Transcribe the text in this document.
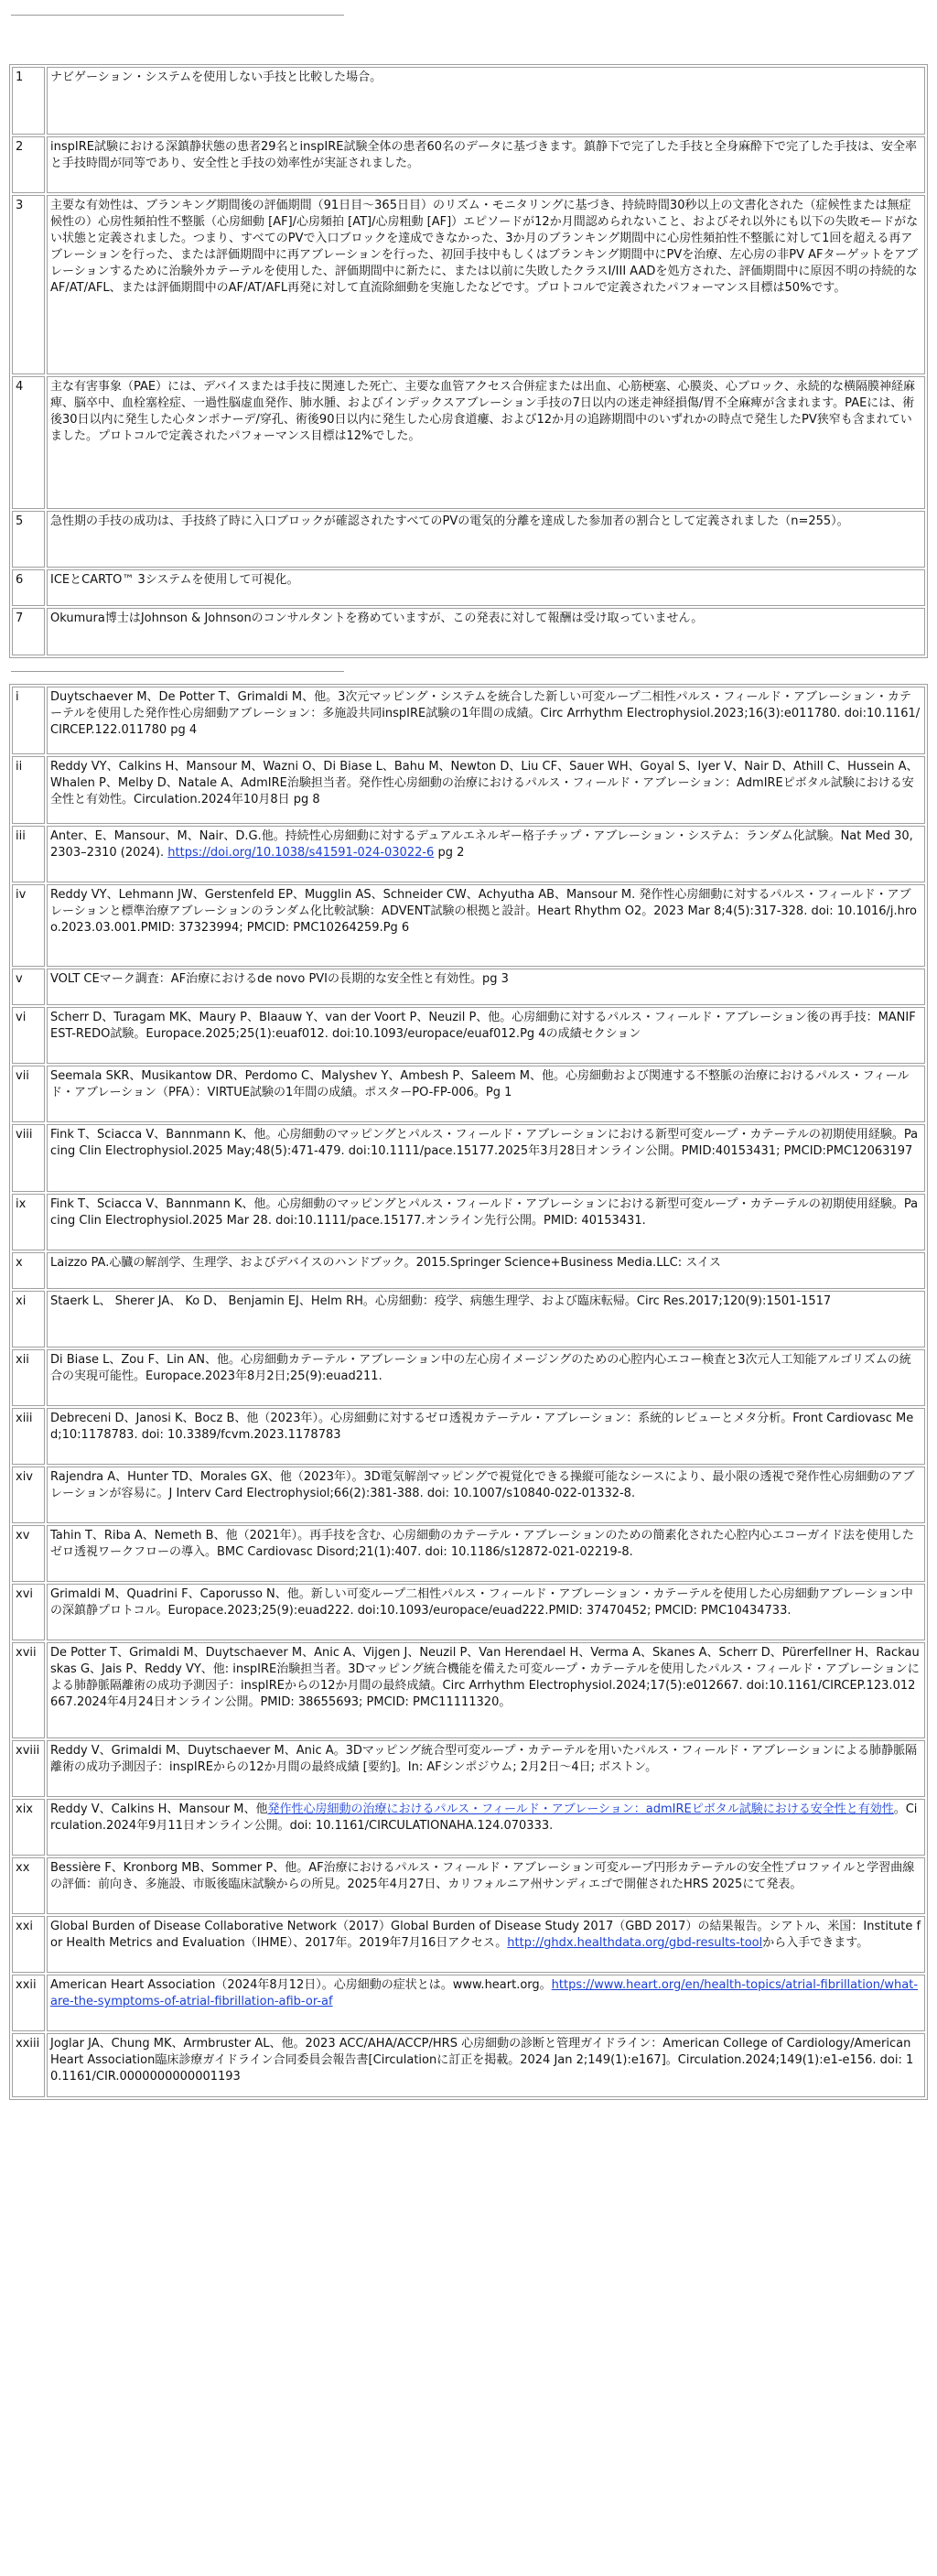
1	ナビゲーション・システムを使用しない手技と比較した場合。
2	inspIRE試験における深鎮静状態の患者29名とinspIRE試験全体の患者60名のデータに基づきます。鎮静下で完了した手技と全身麻酔下で完了した手技は、安全率と手技時間が同等であり、安全性と手技の効率性が実証されました。
3	主要な有効性は、ブランキング期間後の評価期間（91日目〜365日目）のリズム・モニタリングに基づき、持続時間30秒以上の文書化された（症候性または無症候性の）心房性頻拍性不整脈（心房細動 [AF]/心房頻拍 [AT]/心房粗動 [AF]）エピソードが12か月間認められないこと、およびそれ以外にも以下の失敗モードがない状態と定義されました。つまり、すべてのPVで入口ブロックを達成できなかった、3か月のブランキング期間中に心房性頻拍性不整脈に対して1回を超える再アブレーションを行った、または評価期間中に再アブレーションを行った、初回手技中もしくはブランキング期間中にPVを治療、左心房の非PV AFターゲットをアブレーションするために治験外カテーテルを使用した、評価期間中に新たに、または以前に失敗したクラスI/III AADを処方された、評価期間中に原因不明の持続的なAF/AT/AFL、または評価期間中のAF/AT/AFL再発に対して直流除細動を実施したなどです。プロトコルで定義されたパフォーマンス目標は50%です。
4	主な有害事象（PAE）には、デバイスまたは手技に関連した死亡、主要な血管アクセス合併症または出血、心筋梗塞、心膜炎、心ブロック、永続的な横隔膜神経麻痺、脳卒中、血栓塞栓症、一過性脳虚血発作、肺水腫、およびインデックスアブレーション手技の7日以内の迷走神経損傷/胃不全麻痺が含まれます。PAEには、術後30日以内に発生した心タンポナーデ/穿孔、術後90日以内に発生した心房食道瘻、および12か月の追跡期間中のいずれかの時点で発生したPV狭窄も含まれていました。プロトコルで定義されたパフォーマンス目標は12%でした。
5	急性期の手技の成功は、手技終了時に入口ブロックが確認されたすべてのPVの電気的分離を達成した参加者の割合として定義されました（n=255）。
6	ICEとCARTO™ 3システムを使用して可視化。
7	Okumura博士はJohnson & Johnsonのコンサルタントを務めていますが、この発表に対して報酬は受け取っていません。
i	Duytschaever M、De Potter T、Grimaldi M、他。3次元マッピング・システムを統合した新しい可変ループ二相性パルス・フィールド・アブレーション・カテーテルを使用した発作性心房細動アブレーション：多施設共同inspIRE試験の1年間の成績。Circ Arrhythm Electrophysiol.2023;16(3):e011780. doi:10.1161/CIRCEP.122.011780 pg 4
ii	Reddy VY、Calkins H、Mansour M、Wazni O、Di Biase L、Bahu M、Newton D、Liu CF、Sauer WH、Goyal S、Iyer V、Nair D、Athill C、Hussein A、Whalen P、Melby D、Natale A、AdmIRE治験担当者。発作性心房細動の治療におけるパルス・フィールド・アブレーション：AdmIREピボタル試験における安全性と有効性。Circulation.2024年10月8日 pg 8
iii	Anter、E、Mansour、M、Nair、D.G.他。持続性心房細動に対するデュアルエネルギー格子チップ・アブレーション・システム：ランダム化試験。Nat Med 30, 2303–2310 (2024). https://doi.org/10.1038/s41591-024-03022-6 pg 2
iv	Reddy VY、Lehmann JW、Gerstenfeld EP、Mugglin AS、Schneider CW、Achyutha AB、Mansour M. 発作性心房細動に対するパルス・フィールド・アブレーションと標準治療アブレーションのランダム化比較試験：ADVENT試験の根拠と設計。Heart Rhythm O2。2023 Mar 8;4(5):317-328. doi: 10.1016/j.hroo.2023.03.001.PMID: 37323994; PMCID: PMC10264259.Pg 6
v	VOLT CEマーク調査：AF治療におけるde novo PVIの長期的な安全性と有効性。pg 3
vi	Scherr D、Turagam MK、Maury P、Blaauw Y、van der Voort P、Neuzil P、他。心房細動に対するパルス・フィールド・アブレーション後の再手技：MANIFEST-REDO試験。Europace.2025;25(1):euaf012. doi:10.1093/europace/euaf012.Pg 4の成績セクション
vii	Seemala SKR、Musikantow DR、Perdomo C、Malyshev Y、Ambesh P、Saleem M、他。心房細動および関連する不整脈の治療におけるパルス・フィールド・アブレーション（PFA）：VIRTUE試験の1年間の成績。ポスターPO-FP-006。Pg 1
viii	Fink T、Sciacca V、Bannmann K、他。心房細動のマッピングとパルス・フィールド・アブレーションにおける新型可変ループ・カテーテルの初期使用経験。Pacing Clin Electrophysiol.2025 May;48(5):471-479. doi:10.1111/pace.15177.2025年3月28日オンライン公開。PMID:40153431; PMCID:PMC12063197
ix	Fink T、Sciacca V、Bannmann K、他。心房細動のマッピングとパルス・フィールド・アブレーションにおける新型可変ループ・カテーテルの初期使用経験。Pacing Clin Electrophysiol.2025 Mar 28. doi:10.1111/pace.15177.オンライン先行公開。PMID: 40153431.
x	Laizzo PA.心臓の解剖学、生理学、およびデバイスのハンドブック。2015.Springer Science+Business Media.LLC: スイス
xi	Staerk L、 Sherer JA、 Ko D、 Benjamin EJ、Helm RH。心房細動：疫学、病態生理学、および臨床転帰。Circ Res.2017;120(9):1501-1517
xii	Di Biase L、Zou F、Lin AN、他。心房細動カテーテル・アブレーション中の左心房イメージングのための心腔内心エコー検査と3次元人工知能アルゴリズムの統合の実現可能性。Europace.2023年8月2日;25(9):euad211.
xiii	Debreceni D、Janosi K、Bocz B、他（2023年）。心房細動に対するゼロ透視カテーテル・アブレーション：系統的レビューとメタ分析。Front Cardiovasc Med;10:1178783. doi: 10.3389/fcvm.2023.1178783
xiv	Rajendra A、Hunter TD、Morales GX、他（2023年）。3D電気解剖マッピングで視覚化できる操縦可能なシースにより、最小限の透視で発作性心房細動のアブレーションが容易に。J Interv Card Electrophysiol;66(2):381-388. doi: 10.1007/s10840-022-01332-8.
xv	Tahin T、Riba A、Nemeth B、他（2021年）。再手技を含む、心房細動のカテーテル・アブレーションのための簡素化された心腔内心エコーガイド法を使用したゼロ透視ワークフローの導入。BMC Cardiovasc Disord;21(1):407. doi: 10.1186/s12872-021-02219-8.
xvi	Grimaldi M、Quadrini F、Caporusso N、他。新しい可変ループ二相性パルス・フィールド・アブレーション・カテーテルを使用した心房細動アブレーション中の深鎮静プロトコル。Europace.2023;25(9):euad222. doi:10.1093/europace/euad222.PMID: 37470452; PMCID: PMC10434733.
xvii	De Potter T、Grimaldi M、Duytschaever M、Anic A、Vijgen J、Neuzil P、Van Herendael H、Verma A、Skanes A、Scherr D、Pürerfellner H、Rackauskas G、Jais P、Reddy VY、他: inspIRE治験担当者。3Dマッピング統合機能を備えた可変ループ・カテーテルを使用したパルス・フィールド・アブレーションによる肺静脈隔離術の成功予測因子：inspIREからの12か月間の最終成績。Circ Arrhythm Electrophysiol.2024;17(5):e012667. doi:10.1161/CIRCEP.123.012667.2024年4月24日オンライン公開。PMID: 38655693; PMCID: PMC11111320。
xviii	Reddy V、Grimaldi M、Duytschaever M、Anic A。3Dマッピング統合型可変ループ・カテーテルを用いたパルス・フィールド・アブレーションによる肺静脈隔離術の成功予測因子：inspIREからの12か月間の最終成績 [要約]。In: AFシンポジウム; 2月2日〜4日; ボストン。
xix	Reddy V、Calkins H、Mansour M、他発作性心房細動の治療におけるパルス・フィールド・アブレーション：admIREピボタル試験における安全性と有効性。Circulation.2024年9月11日オンライン公開。doi: 10.1161/CIRCULATIONAHA.124.070333.
xx	Bessière F、Kronborg MB、Sommer P、他。AF治療におけるパルス・フィールド・アブレーション可変ループ円形カテーテルの安全性プロファイルと学習曲線の評価：前向き、多施設、市販後臨床試験からの所見。2025年4月27日、カリフォルニア州サンディエゴで開催されたHRS 2025にて発表。
xxi	Global Burden of Disease Collaborative Network（2017）Global Burden of Disease Study 2017（GBD 2017）の結果報告。シアトル、米国：Institute for Health Metrics and Evaluation（IHME）、2017年。2019年7月16日アクセス。http://ghdx.healthdata.org/gbd-results-toolから入手できます。
xxii	American Heart Association（2024年8月12日）。心房細動の症状とは。www.heart.org。https://www.heart.org/en/health-topics/atrial-fibrillation/what-are-the-symptoms-of-atrial-fibrillation-afib-or-af
xxiii	Joglar JA、Chung MK、Armbruster AL、他。2023 ACC/AHA/ACCP/HRS 心房細動の診断と管理ガイドライン：American College of Cardiology/American Heart Association臨床診療ガイドライン合同委員会報告書[Circulationに訂正を掲載。2024 Jan 2;149(1):e167]。Circulation.2024;149(1):e1-e156. doi: 10.1161/CIR.0000000000001193
